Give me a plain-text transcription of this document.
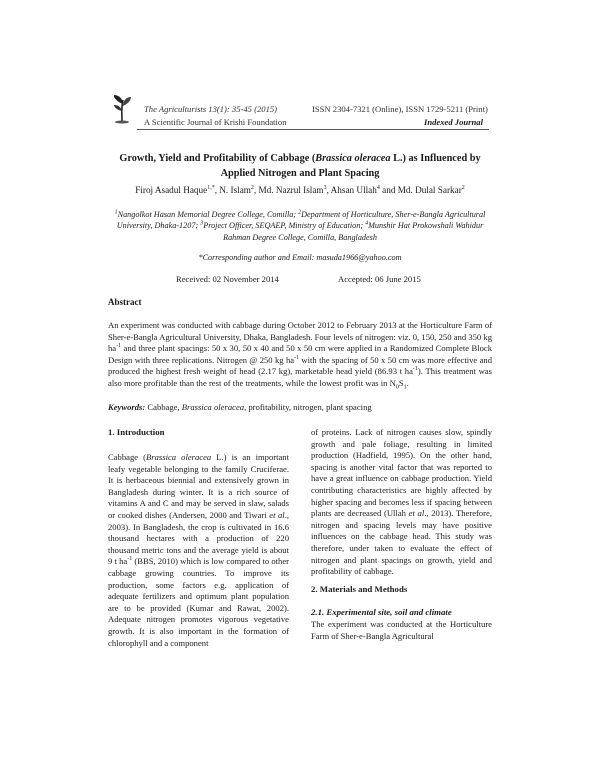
The Agriculturists 13(1): 35-45 (2015)	ISSN 2304-7321 (Online), ISSN 1729-5211 (Print)
A Scientific Journal of Krishi Foundation	Indexed Journal
Growth, Yield and Profitability of Cabbage (Brassica oleracea L.) as Influenced by Applied Nitrogen and Plant Spacing
Firoj Asadul Haque$^{1,*}$, N. Islam$^2$, Md. Nazrul Islam$^3$, Ahsan Ullah$^4$ and Md. Dulal Sarkar$^2$
$^1$Nangolkot Hasan Memorial Degree College, Comilla; $^2$Department of Horticulture, Sher-e-Bangla Agricultural University, Dhaka-1207; $^3$Project Officer, SEQAEP, Ministry of Education; $^4$Munshir Hat Prokowshali Wahidur Rahman Degree College, Comilla, Bangladesh
*Corresponding author and Email: masuda1966@yahoo.com
Received: 02 November 2014	Accepted: 06 June 2015
Abstract
An experiment was conducted with cabbage during October 2012 to February 2013 at the Horticulture Farm of Sher-e-Bangla Agricultural University, Dhaka, Bangladesh. Four levels of nitrogen: viz. 0, 150, 250 and 350 kg $ha^{-1}$ and three plant spacings: 50 x 30, 50 x 40 and 50 x 50 cm were applied in a Randomized Complete Block Design with three replications. Nitrogen @ 250 kg $ha^{-1}$ with the spacing of 50 x 50 cm was more effective and produced the highest fresh weight of head (2.17 kg), marketable head yield (86.93 t $ha^{-1}$). This treatment was also more profitable than the rest of the treatments, while the lowest profit was in $N_0S_1$.
Keywords: Cabbage, Brassica oleracea, profitability, nitrogen, plant spacing
1. Introduction
Cabbage (Brassica oleracea L.) is an important leafy vegetable belonging to the family Cruciferae. It is herbaceous biennial and extensively grown in Bangladesh during winter. It is a rich source of vitamins A and C and may be served in slaw, salads or cooked dishes (Andersen, 2000 and Tiwari et al., 2003). In Bangladesh, the crop is cultivated in 16.6 thousand hectares with a production of 220 thousand metric tons and the average yield is about 9 t $ha^{-1}$ (BBS, 2010) which is low compared to other cabbage growing countries. To improve its production, some factors e.g. application of adequate fertilizers and optimum plant population are to be provided (Kumar and Rawat, 2002). Adequate nitrogen promotes vigorous vegetative growth. It is also important in the formation of chlorophyll and a component
of proteins. Lack of nitrogen causes slow, spindly growth and pale foliage, resulting in limited production (Hadfield, 1995). On the other hand, spacing is another vital factor that was reported to have a great influence on cabbage production. Yield contributing characteristics are highly affected by higher spacing and becomes less if spacing between plants are decreased (Ullah et al., 2013). Therefore, nitrogen and spacing levels may have positive influences on the cabbage head. This study was therefore, under taken to evaluate the effect of nitrogen and plant spacings on growth, yield and profitability of cabbage.
2. Materials and Methods
2.1. Experimental site, soil and climate
The experiment was conducted at the Horticulture Farm of Sher-e-Bangla Agricultural
